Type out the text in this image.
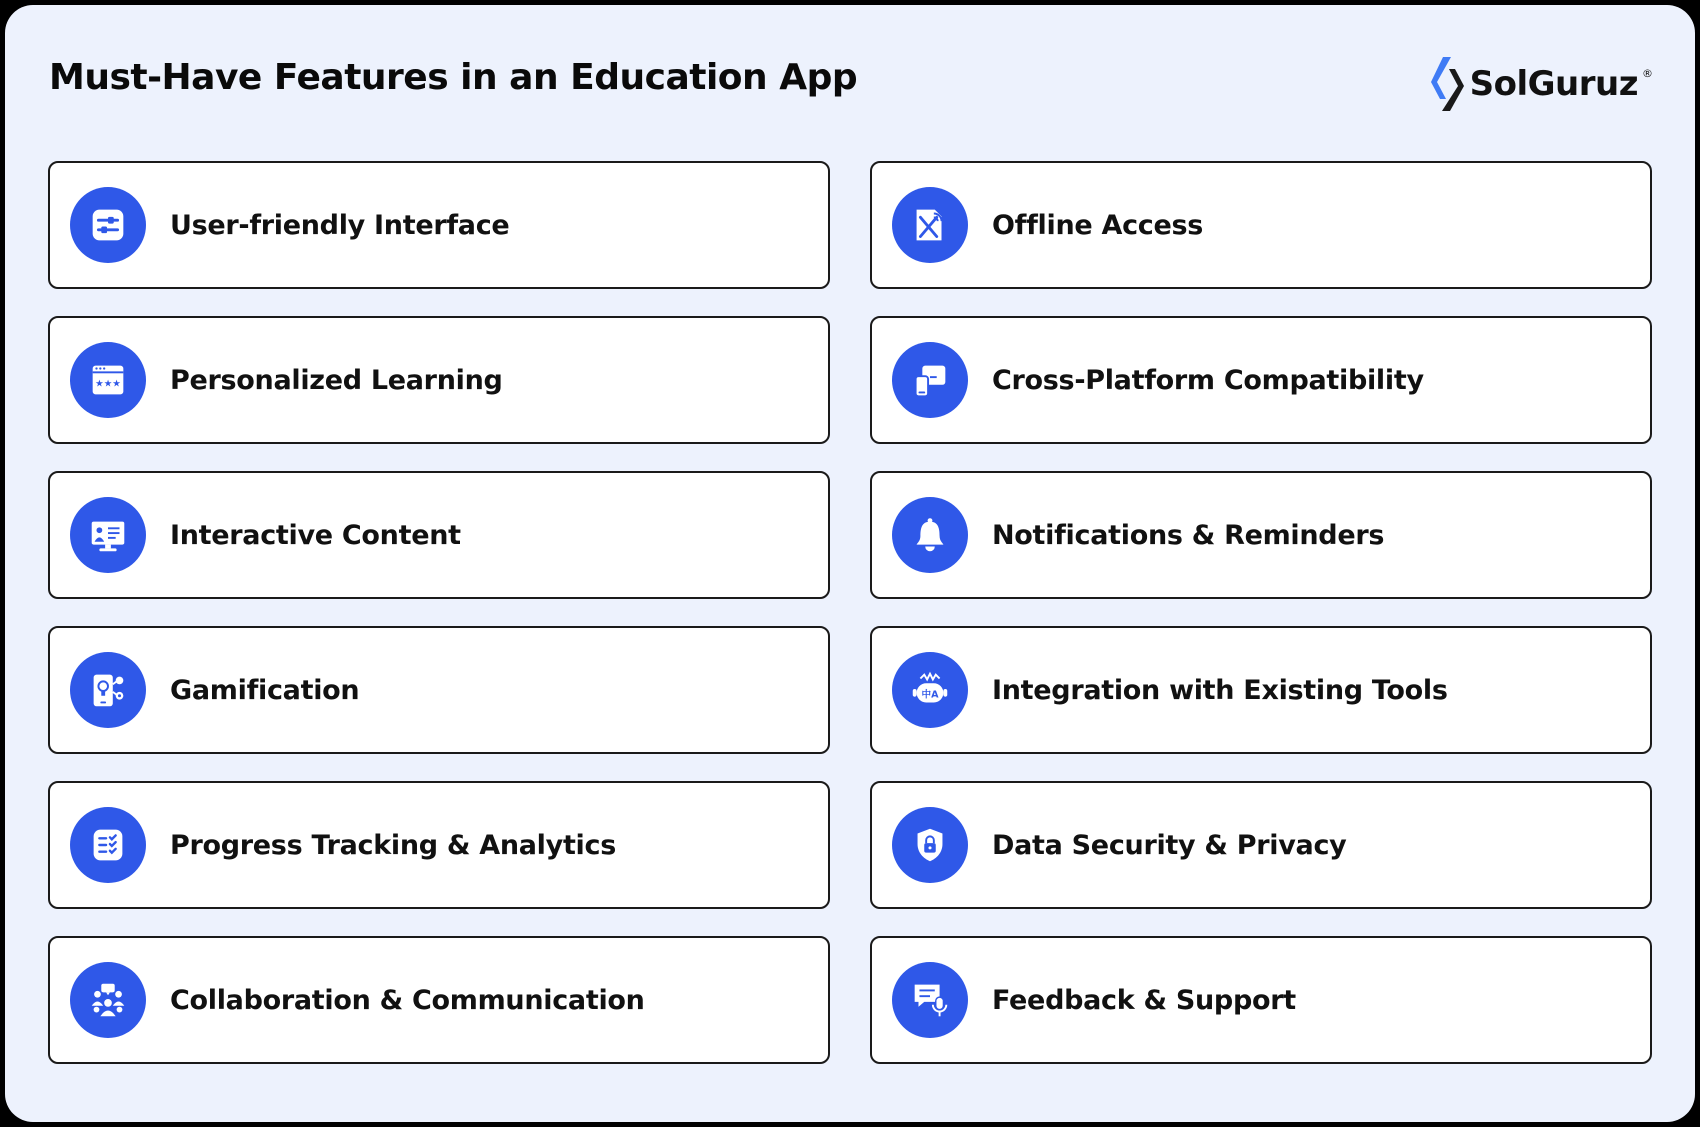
Must-Have Features in an Education App	SolGuruz ®
User-friendly Interface	Offline Access
★★★ Personalized Learning	Cross-Platform Compatibility
Interactive Content	Notifications & Reminders
Gamification	中A Integration with Existing Tools
Progress Tracking & Analytics	Data Security & Privacy
Collaboration & Communication	Feedback & Support
